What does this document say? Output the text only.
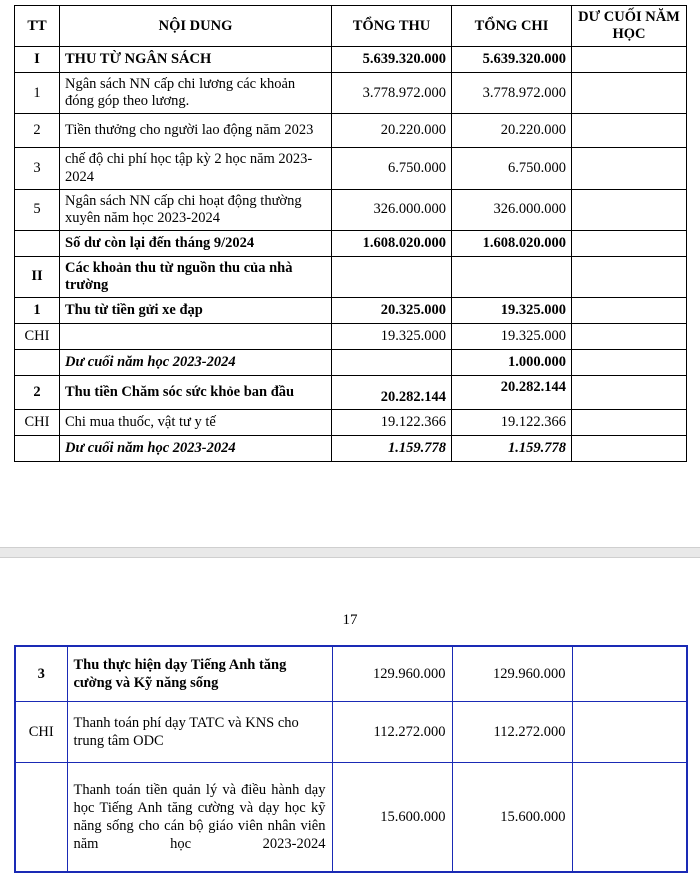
TT	NỘI DUNG	TỔNG THU	TỔNG CHI	DƯ CUỐI NĂM HỌC
I	THU TỪ NGÂN SÁCH	5.639.320.000	5.639.320.000	
1	Ngân sách NN cấp chi lương các khoản đóng góp theo lương.	3.778.972.000	3.778.972.000	
2	Tiền thưởng cho người lao động năm 2023	20.220.000	20.220.000	
3	chế độ chi phí học tập kỳ 2 học năm 2023-2024	6.750.000	6.750.000	
5	Ngân sách NN cấp chi hoạt động thường xuyên năm học 2023-2024	326.000.000	326.000.000	
	Số dư còn lại đến tháng 9/2024	1.608.020.000	1.608.020.000	
II	Các khoản thu từ nguồn thu của nhà trường			
1	Thu từ tiền gửi xe đạp	20.325.000	19.325.000	
CHI		19.325.000	19.325.000	
	Dư cuối năm học 2023-2024		1.000.000	
2	Thu tiền Chăm sóc sức khỏe ban đầu	20.282.144	20.282.144	
CHI	Chi mua thuốc, vật tư y tế	19.122.366	19.122.366	
	Dư cuối năm học 2023-2024	1.159.778	1.159.778	
17
3	Thu thực hiện dạy Tiếng Anh tăng cường và Kỹ năng sống	129.960.000	129.960.000	
CHI	Thanh toán phí dạy TATC và KNS cho trung tâm ODC	112.272.000	112.272.000	
	Thanh toán tiền quản lý và điều hành dạy học Tiếng Anh tăng cường và dạy học kỹ năng sống cho cán bộ giáo viên nhân viên năm học 2023-2024	15.600.000	15.600.000	
